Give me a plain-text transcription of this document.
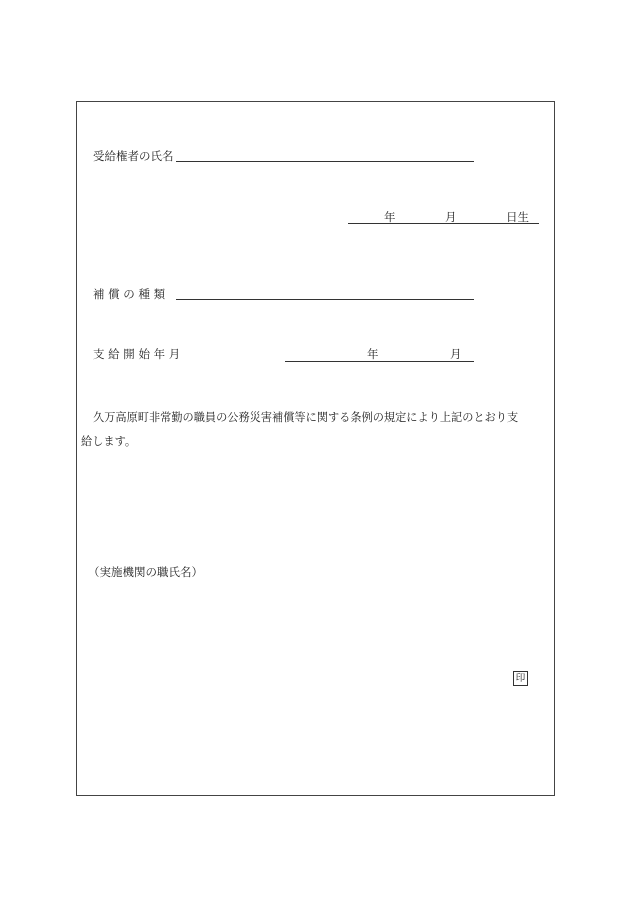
受給権者の氏名
年	月	日生
補 償 の 種 類
支 給 開 始 年 月	年	月
久万高原町非常勤の職員の公務災害補償等に関する条例の規定により上記のとおり支
給します。
（実施機関の職氏名）
印
